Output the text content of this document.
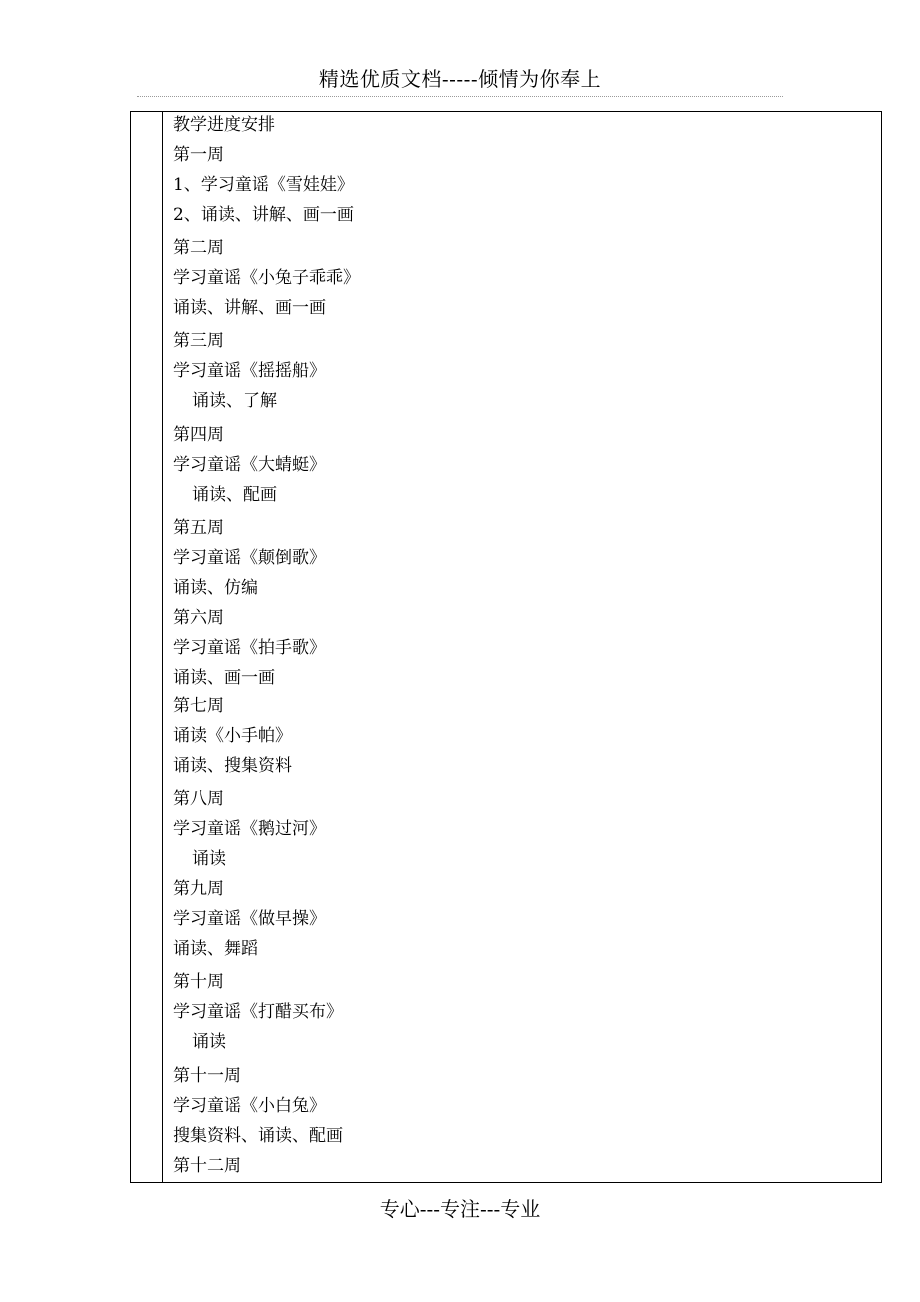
精选优质文档-----倾情为你奉上
教学进度安排
第一周
1、学习童谣《雪娃娃》
2、诵读、讲解、画一画
第二周
学习童谣《小兔子乖乖》
诵读、讲解、画一画
第三周
学习童谣《摇摇船》
诵读、了解
第四周
学习童谣《大蜻蜓》
诵读、配画
第五周
学习童谣《颠倒歌》
诵读、仿编
第六周
学习童谣《拍手歌》
诵读、画一画
第七周
诵读《小手帕》
诵读、搜集资料
第八周
学习童谣《鹅过河》
诵读
第九周
学习童谣《做早操》
诵读、舞蹈
第十周
学习童谣《打醋买布》
诵读
第十一周
学习童谣《小白兔》
搜集资料、诵读、配画
第十二周
专心---专注---专业
